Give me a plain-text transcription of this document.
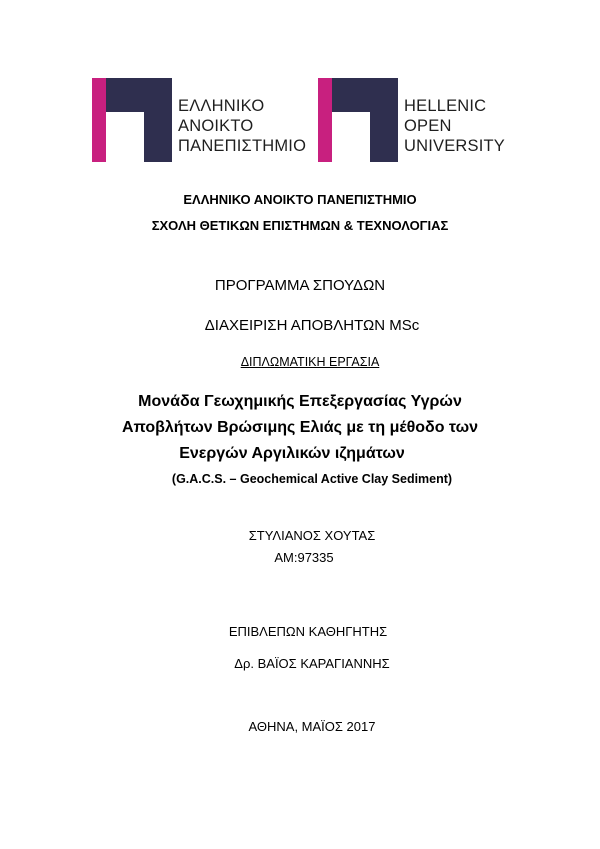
ΕΛΛΗΝΙΚΟ
ΑΝΟΙΚΤΟ
ΠΑΝΕΠΙΣΤΗΜΙΟ
HELLENIC
OPEN
UNIVERSITY
ΕΛΛΗΝΙΚΟ ΑΝΟΙΚΤΟ ΠΑΝΕΠΙΣΤΗΜΙΟ
ΣΧΟΛΗ ΘΕΤΙΚΩΝ ΕΠΙΣΤΗΜΩΝ & ΤΕΧΝΟΛΟΓΙΑΣ
ΠΡΟΓΡΑΜΜΑ ΣΠΟΥΔΩΝ
ΔΙΑΧΕΙΡΙΣΗ ΑΠΟΒΛΗΤΩΝ MSc
ΔΙΠΛΩΜΑΤΙΚΗ ΕΡΓΑΣΙΑ
Μονάδα Γεωχημικής Επεξεργασίας Υγρών
Αποβλήτων Βρώσιμης Ελιάς με τη μέθοδο των
Ενεργών Αργιλικών ιζημάτων
(G.A.C.S. – Geochemical Active Clay Sediment)
ΣΤΥΛΙΑΝΟΣ ΧΟΥΤΑΣ
ΑΜ:97335
ΕΠΙΒΛΕΠΩΝ ΚΑΘΗΓΗΤΗΣ
Δρ. ΒΑΪΟΣ ΚΑΡΑΓΙΑΝΝΗΣ
ΑΘΗΝΑ, ΜΑΪΟΣ 2017
